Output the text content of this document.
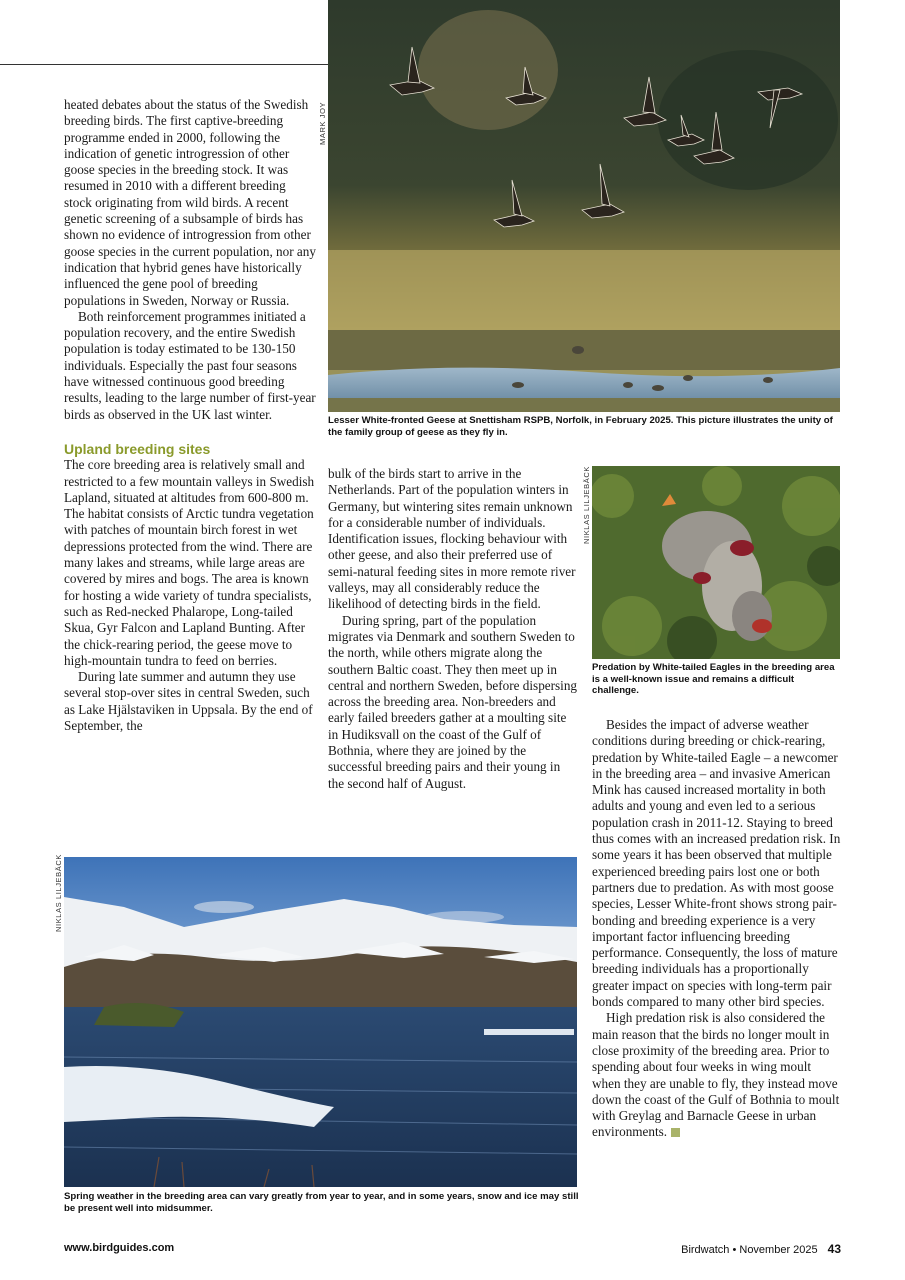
heated debates about the status of the Swedish breeding birds. The first captive-breeding programme ended in 2000, following the indication of genetic introgression of other goose species in the breeding stock. It was resumed in 2010 with a different breeding stock originating from wild birds. A recent genetic screening of a subsample of birds has shown no evidence of introgression from other goose species in the current population, nor any indication that hybrid genes have historically influenced the gene pool of breeding populations in Sweden, Norway or Russia.

Both reinforcement programmes initiated a population recovery, and the entire Swedish population is today estimated to be 130-150 individuals. Especially the past four seasons have witnessed continuous good breeding results, leading to the large number of first-year birds as observed in the UK last winter.

Upland breeding sites

The core breeding area is relatively small and restricted to a few mountain valleys in Swedish Lapland, situated at altitudes from 600-800 m. The habitat consists of Arctic tundra vegetation with patches of mountain birch forest in wet depressions protected from the wind. There are many lakes and streams, while large areas are covered by mires and bogs. The area is known for hosting a wide variety of tundra specialists, such as Red-necked Phalarope, Long-tailed Skua, Gyr Falcon and Lapland Bunting. After the chick-rearing period, the geese move to high-mountain tundra to feed on berries.

During late summer and autumn they use several stop-over sites in central Sweden, such as Lake Hjälstaviken in Uppsala. By the end of September, the

MARK JOY
Lesser White-fronted Geese at Snettisham RSPB, Norfolk, in February 2025. This picture illustrates the unity of the family group of geese as they fly in.

bulk of the birds start to arrive in the Netherlands. Part of the population winters in Germany, but wintering sites remain unknown for a considerable number of individuals. Identification issues, flocking behaviour with other geese, and also their preferred use of semi-natural feeding sites in more remote river valleys, may all considerably reduce the likelihood of detecting birds in the field.

During spring, part of the population migrates via Denmark and southern Sweden to the north, while others migrate along the southern Baltic coast. They then meet up in central and northern Sweden, before dispersing across the breeding area. Non-breeders and early failed breeders gather at a moulting site in Hudiksvall on the coast of the Gulf of Bothnia, where they are joined by the successful breeding pairs and their young in the second half of August.

NIKLAS LILJEBÄCK
Predation by White-tailed Eagles in the breeding area is a well-known issue and remains a difficult challenge.

Besides the impact of adverse weather conditions during breeding or chick-rearing, predation by White-tailed Eagle – a newcomer in the breeding area – and invasive American Mink has caused increased mortality in both adults and young and even led to a serious population crash in 2011-12. Staying to breed thus comes with an increased predation risk. In some years it has been observed that multiple experienced breeding pairs lost one or both partners due to predation. As with most goose species, Lesser White-front shows strong pair-bonding and breeding experience is a very important factor influencing breeding performance. Consequently, the loss of mature breeding individuals has a proportionally greater impact on species with long-term pair bonds compared to many other bird species.

High predation risk is also considered the main reason that the birds no longer moult in close proximity of the breeding area. Prior to spending about four weeks in wing moult when they are unable to fly, they instead move down the coast of the Gulf of Bothnia to moult with Greylag and Barnacle Geese in urban environments.

NIKLAS LILJEBÄCK
Spring weather in the breeding area can vary greatly from year to year, and in some years, snow and ice may still be present well into midsummer.
www.birdguides.com	Birdwatch • November 2025 43
